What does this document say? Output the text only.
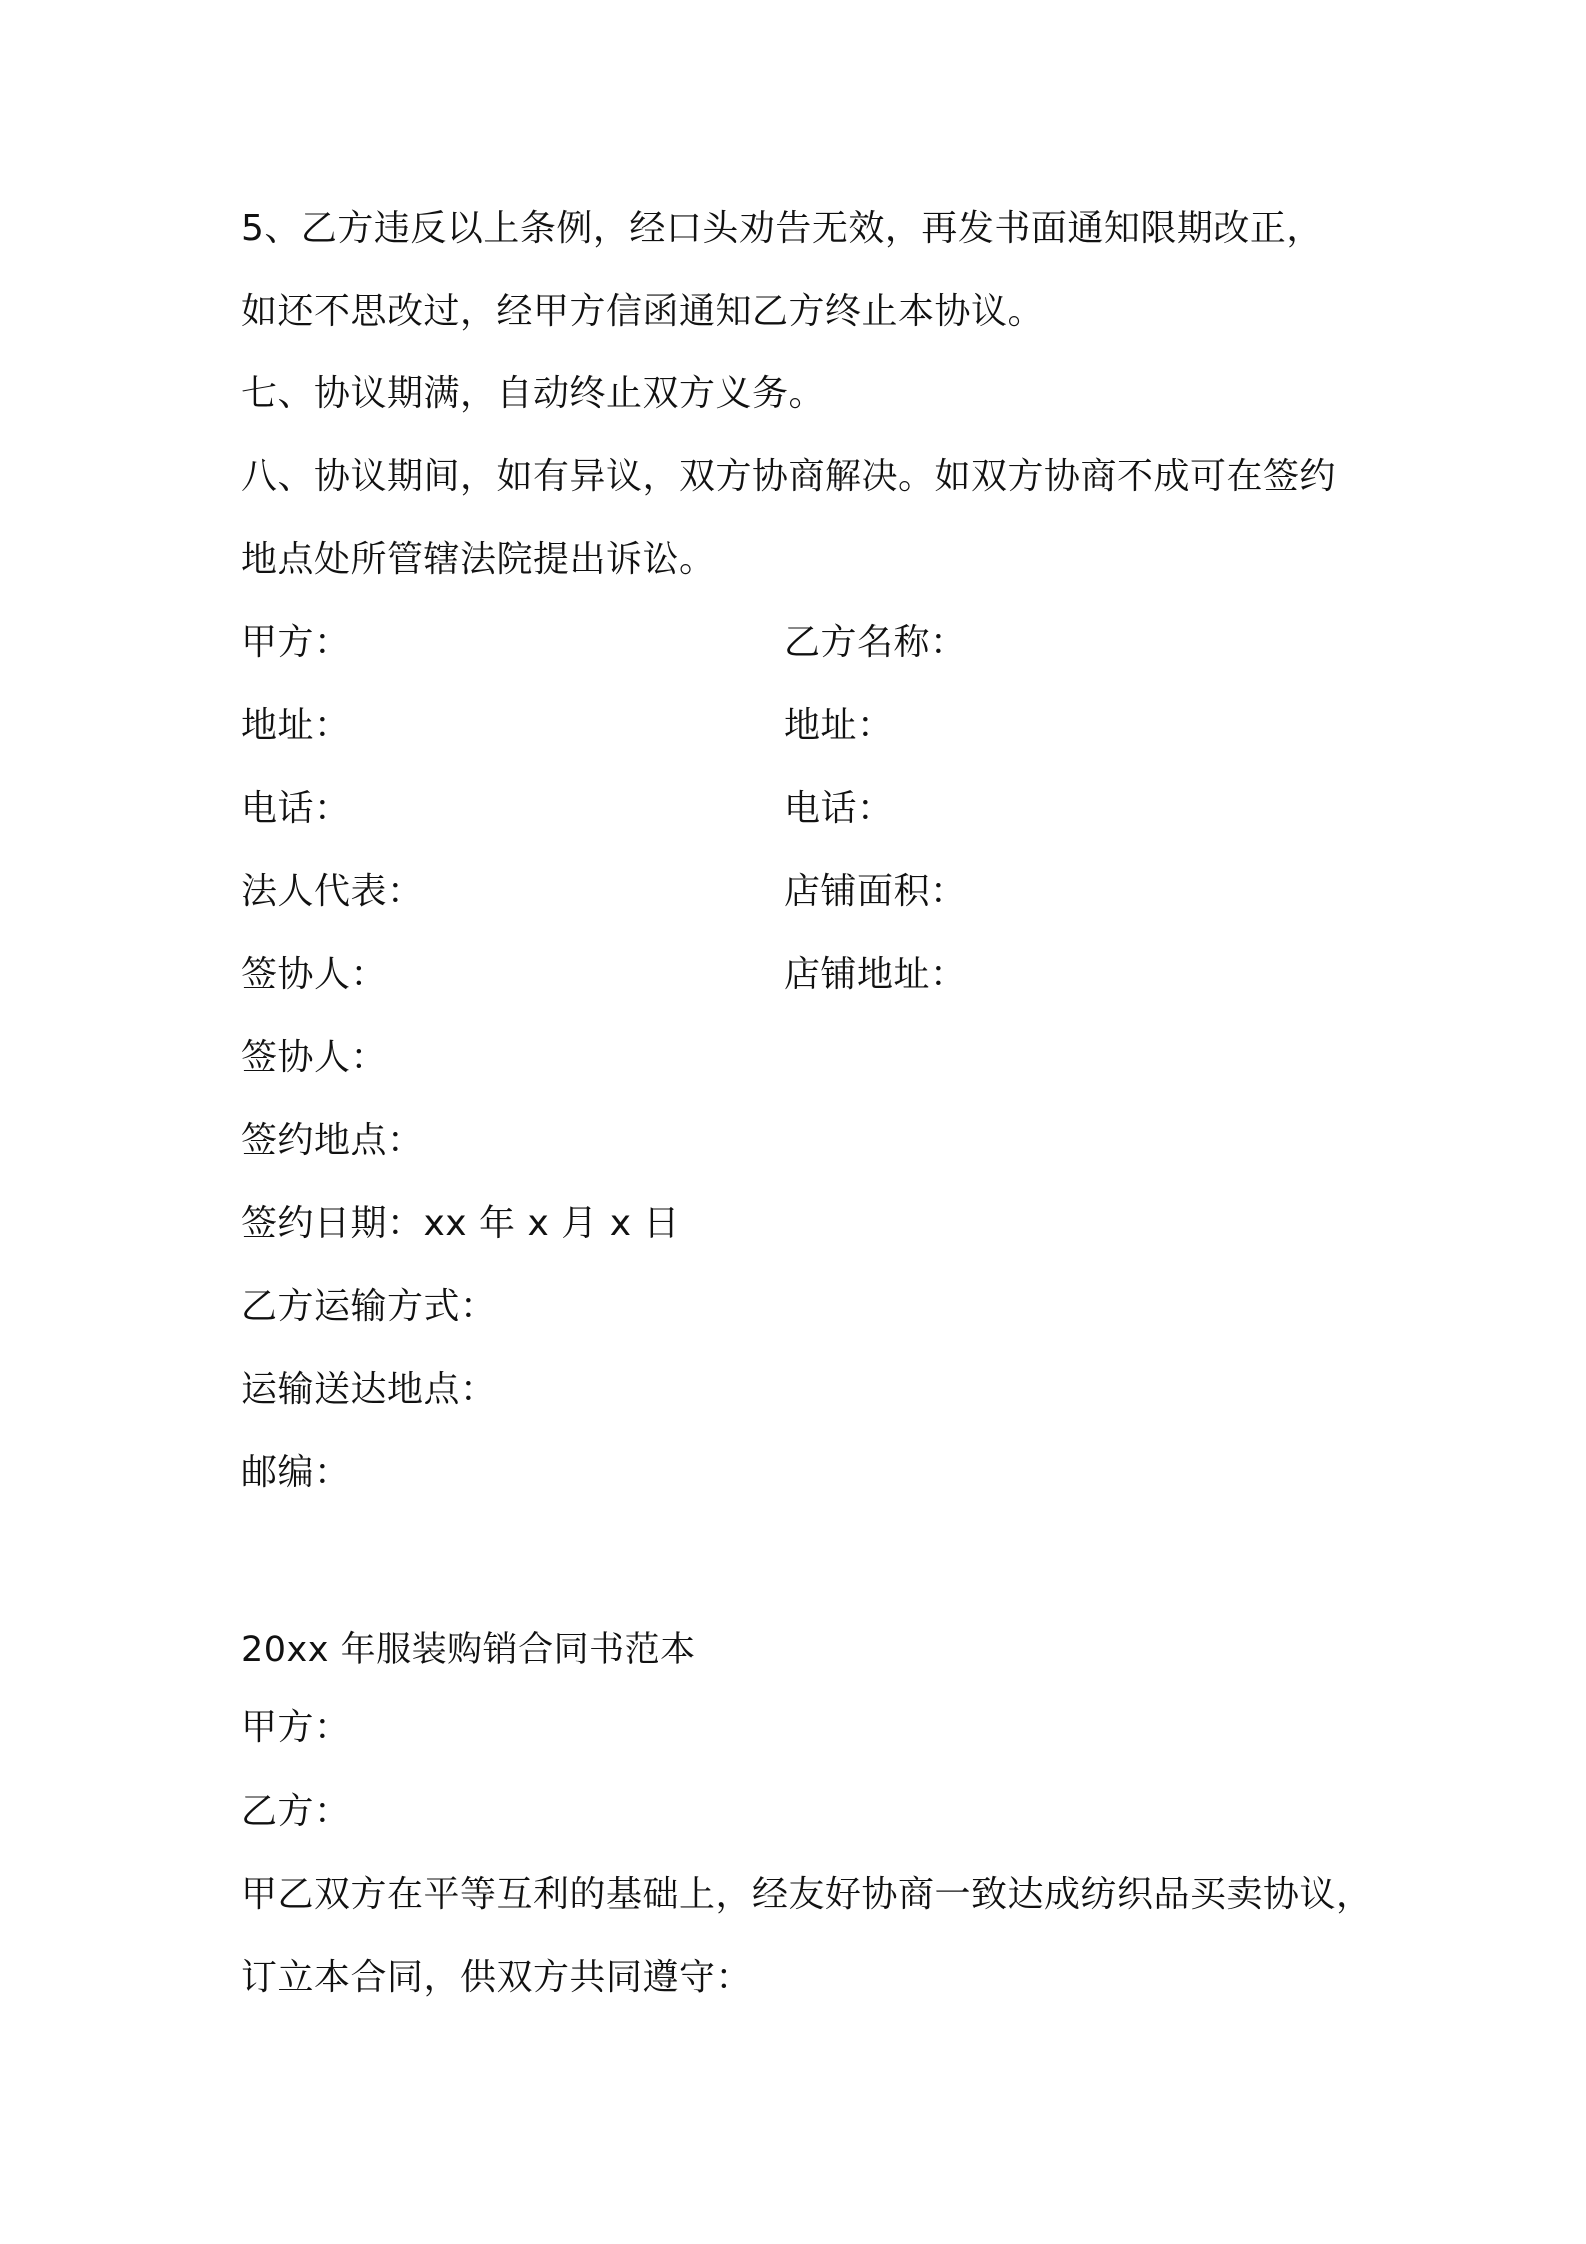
5、乙方违反以上条例，经口头劝告无效，再发书面通知限期改正，
如还不思改过，经甲方信函通知乙方终止本协议。
七、协议期满，自动终止双方义务。
八、协议期间，如有异议，双方协商解决。如双方协商不成可在签约
地点处所管辖法院提出诉讼。
甲方：
地址：
电话：
法人代表：
签协人：
签协人：
签约地点：
签约日期：xx 年 x 月 x 日
乙方运输方式：
运输送达地点：
邮编：
乙方名称：
地址：
电话：
店铺面积：
店铺地址：
20xx 年服装购销合同书范本
甲方：
乙方：
甲乙双方在平等互利的基础上，经友好协商一致达成纺织品买卖协议，
订立本合同，供双方共同遵守：
